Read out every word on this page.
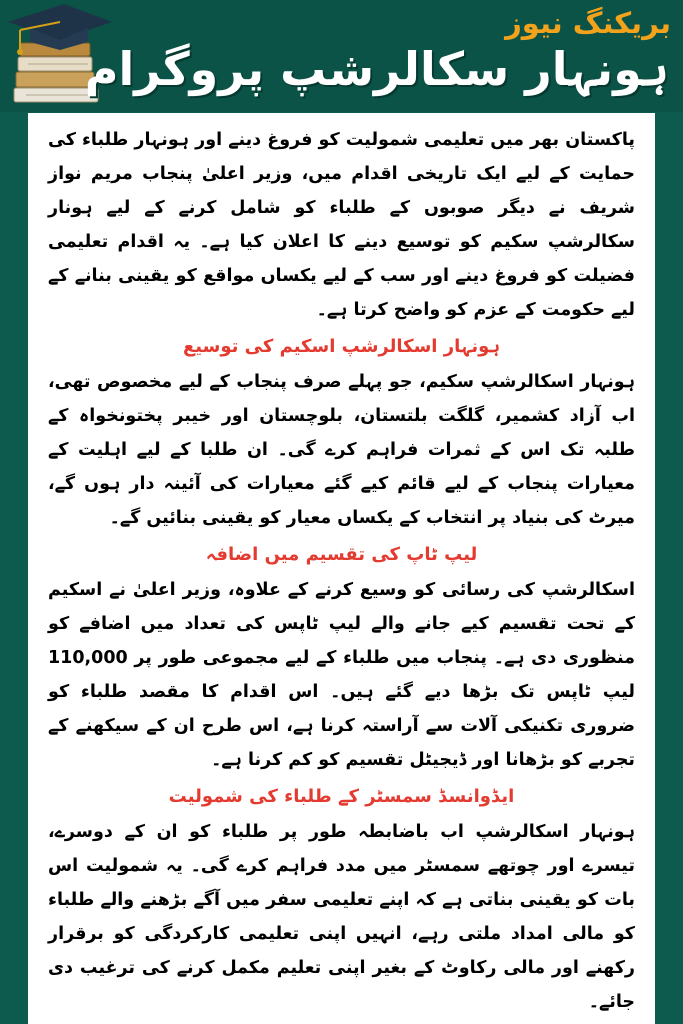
بریکنگ نیوز
ہونہار سکالرشپ پروگرام

پاکستان بھر میں تعلیمی شمولیت کو فروغ دینے اور ہونہار طلباء کی حمایت کے لیے ایک تاریخی اقدام میں، وزیر اعلیٰ پنجاب مریم نواز شریف نے دیگر صوبوں کے طلباء کو شامل کرنے کے لیے ہونار سکالرشپ سکیم کو توسیع دینے کا اعلان کیا ہے۔ یہ اقدام تعلیمی فضیلت کو فروغ دینے اور سب کے لیے یکساں مواقع کو یقینی بنانے کے لیے حکومت کے عزم کو واضح کرتا ہے۔

ہونہار اسکالرشپ اسکیم کی توسیع

ہونہار اسکالرشپ سکیم، جو پہلے صرف پنجاب کے لیے مخصوص تھی، اب آزاد کشمیر، گلگت بلتستان، بلوچستان اور خیبر پختونخواہ کے طلبہ تک اس کے ثمرات فراہم کرے گی۔ ان طلبا کے لیے اہلیت کے معیارات پنجاب کے لیے قائم کیے گئے معیارات کی آئینہ دار ہوں گے، میرٹ کی بنیاد پر انتخاب کے یکساں معیار کو یقینی بنائیں گے۔

لیپ ٹاپ کی تقسیم میں اضافہ

اسکالرشپ کی رسائی کو وسیع کرنے کے علاوہ، وزیر اعلیٰ نے اسکیم کے تحت تقسیم کیے جانے والے لیپ ٹاپس کی تعداد میں اضافے کو منظوری دی ہے۔ پنجاب میں طلباء کے لیے مجموعی طور پر 110,000 لیپ ٹاپس تک بڑھا دیے گئے ہیں۔ اس اقدام کا مقصد طلباء کو ضروری تکنیکی آلات سے آراستہ کرنا ہے، اس طرح ان کے سیکھنے کے تجربے کو بڑھانا اور ڈیجیٹل تقسیم کو کم کرنا ہے۔

ایڈوانسڈ سمسٹر کے طلباء کی شمولیت

ہونہار اسکالرشپ اب باضابطہ طور پر طلباء کو ان کے دوسرے، تیسرے اور چوتھے سمسٹر میں مدد فراہم کرے گی۔ یہ شمولیت اس بات کو یقینی بناتی ہے کہ اپنے تعلیمی سفر میں آگے بڑھنے والے طلباء کو مالی امداد ملتی رہے، انہیں اپنی تعلیمی کارکردگی کو برقرار رکھنے اور مالی رکاوٹ کے بغیر اپنی تعلیم مکمل کرنے کی ترغیب دی جائے۔
